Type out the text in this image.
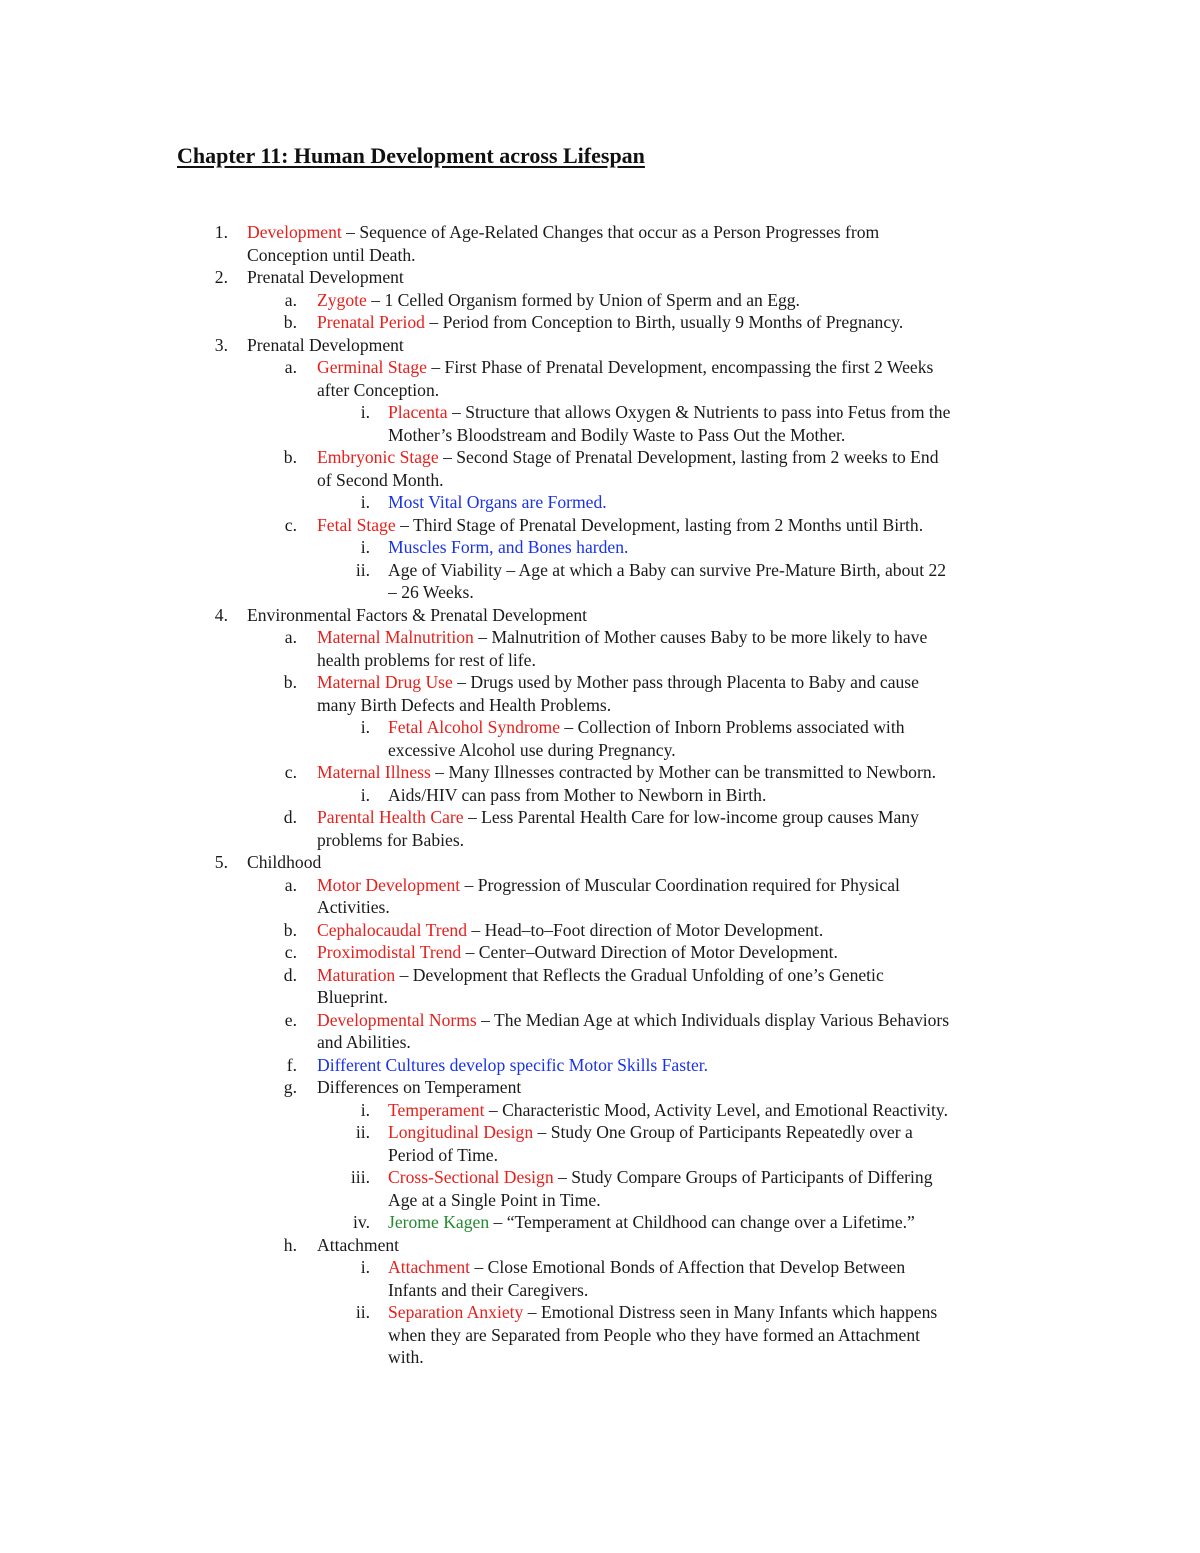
Chapter 11: Human Development across Lifespan
1. Development – Sequence of Age-Related Changes that occur as a Person Progresses from
Conception until Death.
2. Prenatal Development
a. Zygote – 1 Celled Organism formed by Union of Sperm and an Egg.
b. Prenatal Period – Period from Conception to Birth, usually 9 Months of Pregnancy.
3. Prenatal Development
a. Germinal Stage – First Phase of Prenatal Development, encompassing the first 2 Weeks
after Conception.
i. Placenta – Structure that allows Oxygen & Nutrients to pass into Fetus from the
Mother’s Bloodstream and Bodily Waste to Pass Out the Mother.
b. Embryonic Stage – Second Stage of Prenatal Development, lasting from 2 weeks to End
of Second Month.
i. Most Vital Organs are Formed.
c. Fetal Stage – Third Stage of Prenatal Development, lasting from 2 Months until Birth.
i. Muscles Form, and Bones harden.
ii. Age of Viability – Age at which a Baby can survive Pre-Mature Birth, about 22
– 26 Weeks.
4. Environmental Factors & Prenatal Development
a. Maternal Malnutrition – Malnutrition of Mother causes Baby to be more likely to have
health problems for rest of life.
b. Maternal Drug Use – Drugs used by Mother pass through Placenta to Baby and cause
many Birth Defects and Health Problems.
i. Fetal Alcohol Syndrome – Collection of Inborn Problems associated with
excessive Alcohol use during Pregnancy.
c. Maternal Illness – Many Illnesses contracted by Mother can be transmitted to Newborn.
i. Aids/HIV can pass from Mother to Newborn in Birth.
d. Parental Health Care – Less Parental Health Care for low-income group causes Many
problems for Babies.
5. Childhood
a. Motor Development – Progression of Muscular Coordination required for Physical
Activities.
b. Cephalocaudal Trend – Head–to–Foot direction of Motor Development.
c. Proximodistal Trend – Center–Outward Direction of Motor Development.
d. Maturation – Development that Reflects the Gradual Unfolding of one’s Genetic
Blueprint.
e. Developmental Norms – The Median Age at which Individuals display Various Behaviors
and Abilities.
f. Different Cultures develop specific Motor Skills Faster.
g. Differences on Temperament
i. Temperament – Characteristic Mood, Activity Level, and Emotional Reactivity.
ii. Longitudinal Design – Study One Group of Participants Repeatedly over a
Period of Time.
iii. Cross-Sectional Design – Study Compare Groups of Participants of Differing
Age at a Single Point in Time.
iv. Jerome Kagen – “Temperament at Childhood can change over a Lifetime.”
h. Attachment
i. Attachment – Close Emotional Bonds of Affection that Develop Between
Infants and their Caregivers.
ii. Separation Anxiety – Emotional Distress seen in Many Infants which happens
when they are Separated from People who they have formed an Attachment
with.
